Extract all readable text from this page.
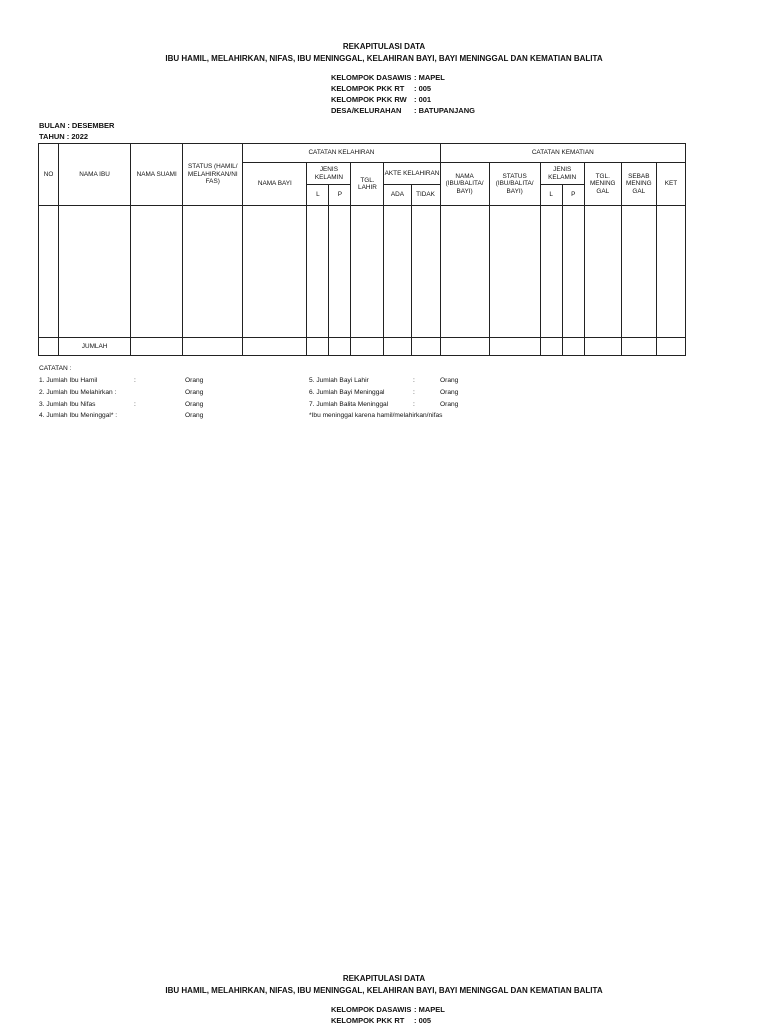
REKAPITULASI DATA
IBU HAMIL, MELAHIRKAN, NIFAS, IBU MENINGGAL, KELAHIRAN BAYI, BAYI MENINGGAL DAN KEMATIAN BALITA
KELOMPOK DASAWIS : MAPEL
KELOMPOK PKK RT	: 005
KELOMPOK PKK RW : 001
DESA/KELURAHAN	: BATUPANJANG
BULAN : DESEMBER
TAHUN : 2022
NO	NAMA IBU	NAMA SUAMI	STATUS (HAMIL/ MELAHIRKAN/NI FAS)	CATATAN KELAHIRAN						CATATAN KEMATIAN						
				NAMA BAYI	JENIS KELAMIN		TGL. LAHIR	AKTE KELAHIRAN		NAMA (IBU/BALITA/ BAYI)	STATUS (IBU/BALITA/ BAYI)	JENIS KELAMIN		TGL. MENING GAL	SEBAB MENING GAL	KET
					L	P		ADA	TIDAK			L	P			

	JUMLAH															
CATATAN :
1. Jumlah Ibu Hamil	:	Orang	5. Jumlah Bayi Lahir	:	Orang
2. Jumlah Ibu Melahirkan :	Orang	6. Jumlah Bayi Meninggal	:	Orang
3. Jumlah Ibu Nifas	:	Orang	7. Jumlah Balita Meninggal	:	Orang
4. Jumlah Ibu Meninggal* :	Orang	*Ibu meninggal karena hamil/melahirkan/nifas
REKAPITULASI DATA
IBU HAMIL, MELAHIRKAN, NIFAS, IBU MENINGGAL, KELAHIRAN BAYI, BAYI MENINGGAL DAN KEMATIAN BALITA
KELOMPOK DASAWIS : MAPEL
KELOMPOK PKK RT	: 005
